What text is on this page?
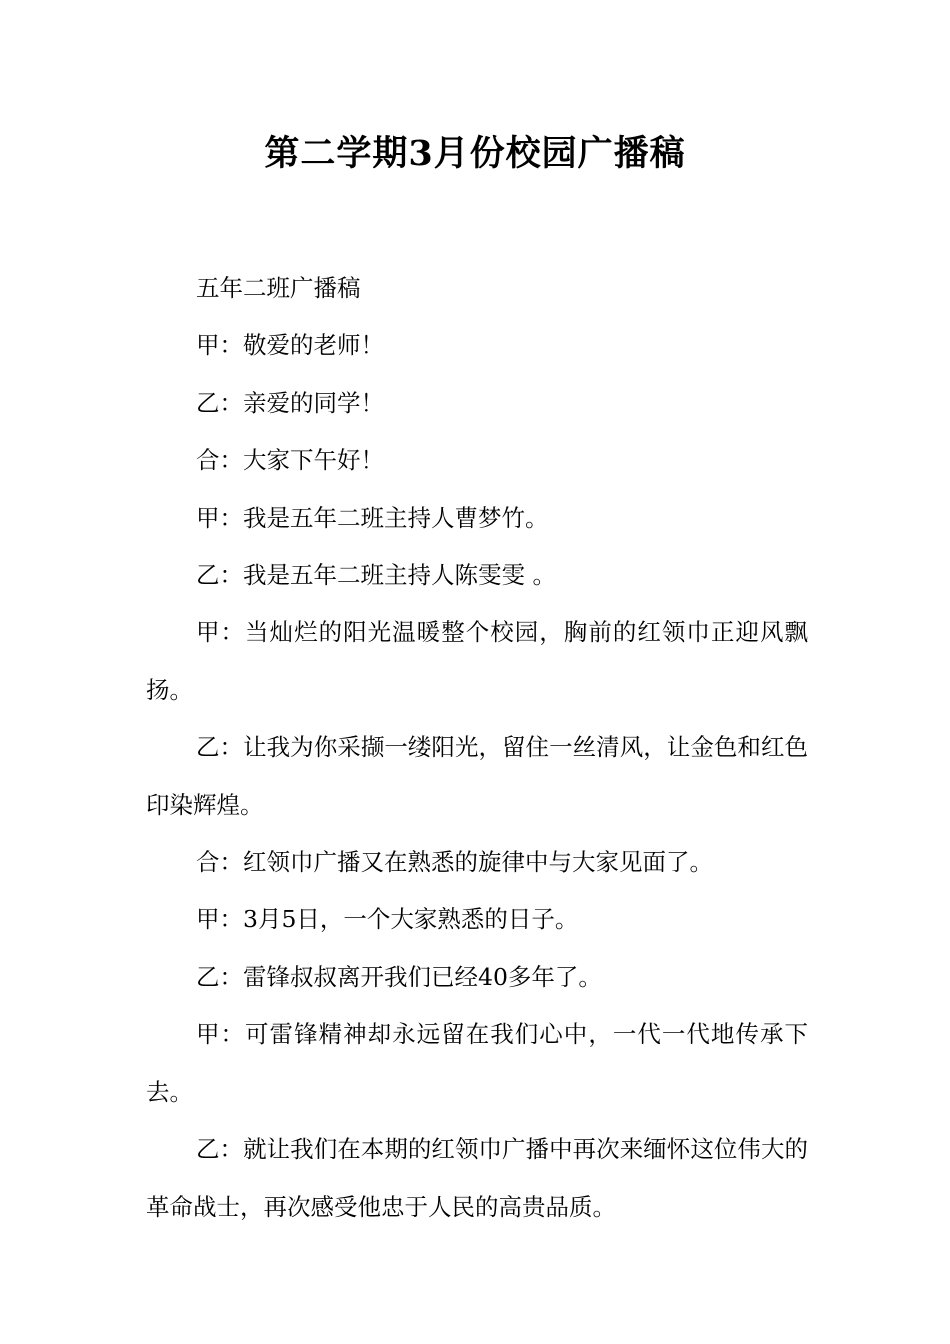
第二学期3月份校园广播稿

五年二班广播稿

甲：敬爱的老师！

乙：亲爱的同学！

合：大家下午好！

甲：我是五年二班主持人曹梦竹。

乙：我是五年二班主持人陈雯雯 。

甲：当灿烂的阳光温暖整个校园，胸前的红领巾正迎风飘扬。

乙：让我为你采撷一缕阳光，留住一丝清风，让金色和红色印染辉煌。

合：红领巾广播又在熟悉的旋律中与大家见面了。

甲：3月5日，一个大家熟悉的日子。

乙：雷锋叔叔离开我们已经40多年了。

甲：可雷锋精神却永远留在我们心中，一代一代地传承下去。

乙：就让我们在本期的红领巾广播中再次来缅怀这位伟大的革命战士，再次感受他忠于人民的高贵品质。
